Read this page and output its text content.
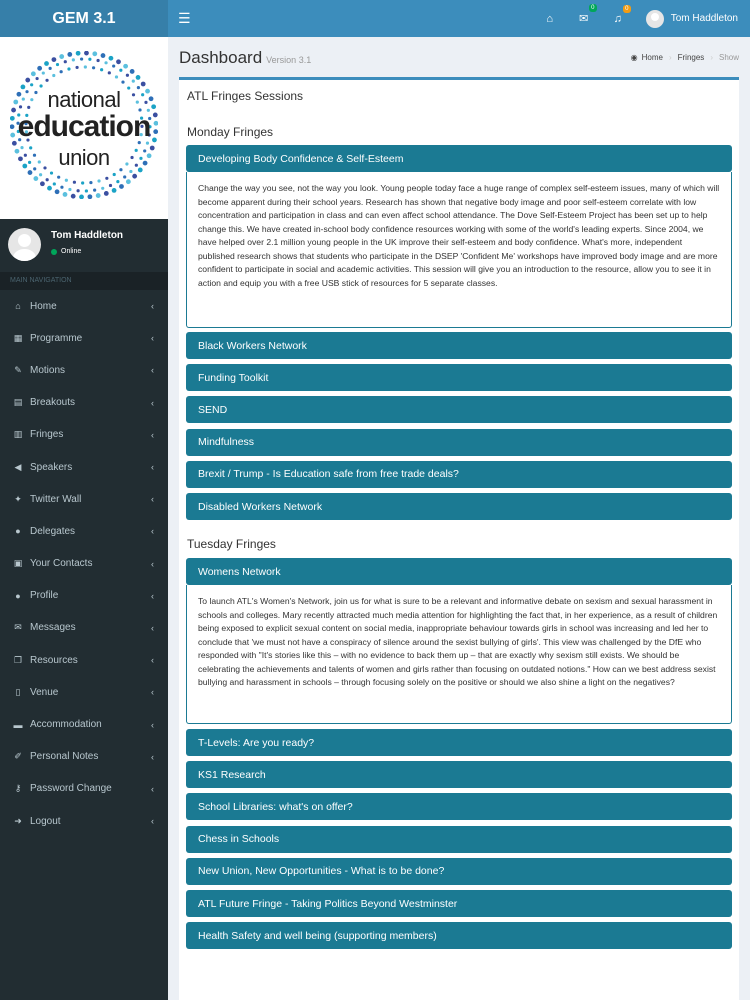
GEM 3.1	☰	⌂ ✉
0
♫
0
Tom Haddleton
national
education
union
Tom Haddleton
Online
MAIN NAVIGATION
⌂ Home	‹
▦ Programme	‹
✎ Motions	‹
▤ Breakouts	‹
▥ Fringes	‹
◀ Speakers	‹
✦ Twitter Wall	‹
● Delegates	‹
▣ Your Contacts	‹
● Profile	‹
✉ Messages	‹
❐ Resources	‹
▯ Venue	‹
▬ Accommodation	‹
✐ Personal Notes	‹
⚷ Password Change	‹
➜ Logout	‹
Dashboard Version 3.1	◉ Home › Fringes › Show
ATL Fringes Sessions
Monday Fringes
Tuesday Fringes
Developing Body Confidence & Self-Esteem
Change the way you see, not the way you look. Young people today face a huge range of complex self-esteem issues, many of which will become apparent during their school years. Research has shown that negative body image and poor self-esteem correlate with low concentration and participation in class and can even affect school attendance. The Dove Self-Esteem Project has been set up to help change this. We have created in-school body confidence resources working with some of the world's leading experts. Since 2004, we have helped over 2.1 million young people in the UK improve their self-esteem and body confidence. What's more, independent published research shows that students who participate in the DSEP 'Confident Me' workshops have improved body image and are more confident to participate in social and academic activities. This session will give you an introduction to the resource, allow you to see it in action and equip you with a free USB stick of resources for 5 separate classes.
Black Workers Network
Funding Toolkit
SEND
Mindfulness
Brexit / Trump - Is Education safe from free trade deals?
Disabled Workers Network
Womens Network
To launch ATL's Women's Network, join us for what is sure to be a relevant and informative debate on sexism and sexual harassment in schools and colleges. Mary recently attracted much media attention for highlighting the fact that, in her experience, as a result of children being exposed to explicit sexual content on social media, inappropriate behaviour towards girls in school was increasing and led her to conclude that 'we must not have a conspiracy of silence around the sexist bullying of girls'. This view was challenged by the DfE who responded with "It's stories like this – with no evidence to back them up – that are exactly why sexism still exists. We should be celebrating the achievements and talents of women and girls rather than focusing on outdated notions." How can we best address sexist bullying and harassment in schools – through focusing solely on the positive or should we also shine a light on the negatives?
T-Levels: Are you ready?
KS1 Research
School Libraries: what's on offer?
Chess in Schools
New Union, New Opportunities - What is to be done?
ATL Future Fringe - Taking Politics Beyond Westminster
Health Safety and well being (supporting members)
